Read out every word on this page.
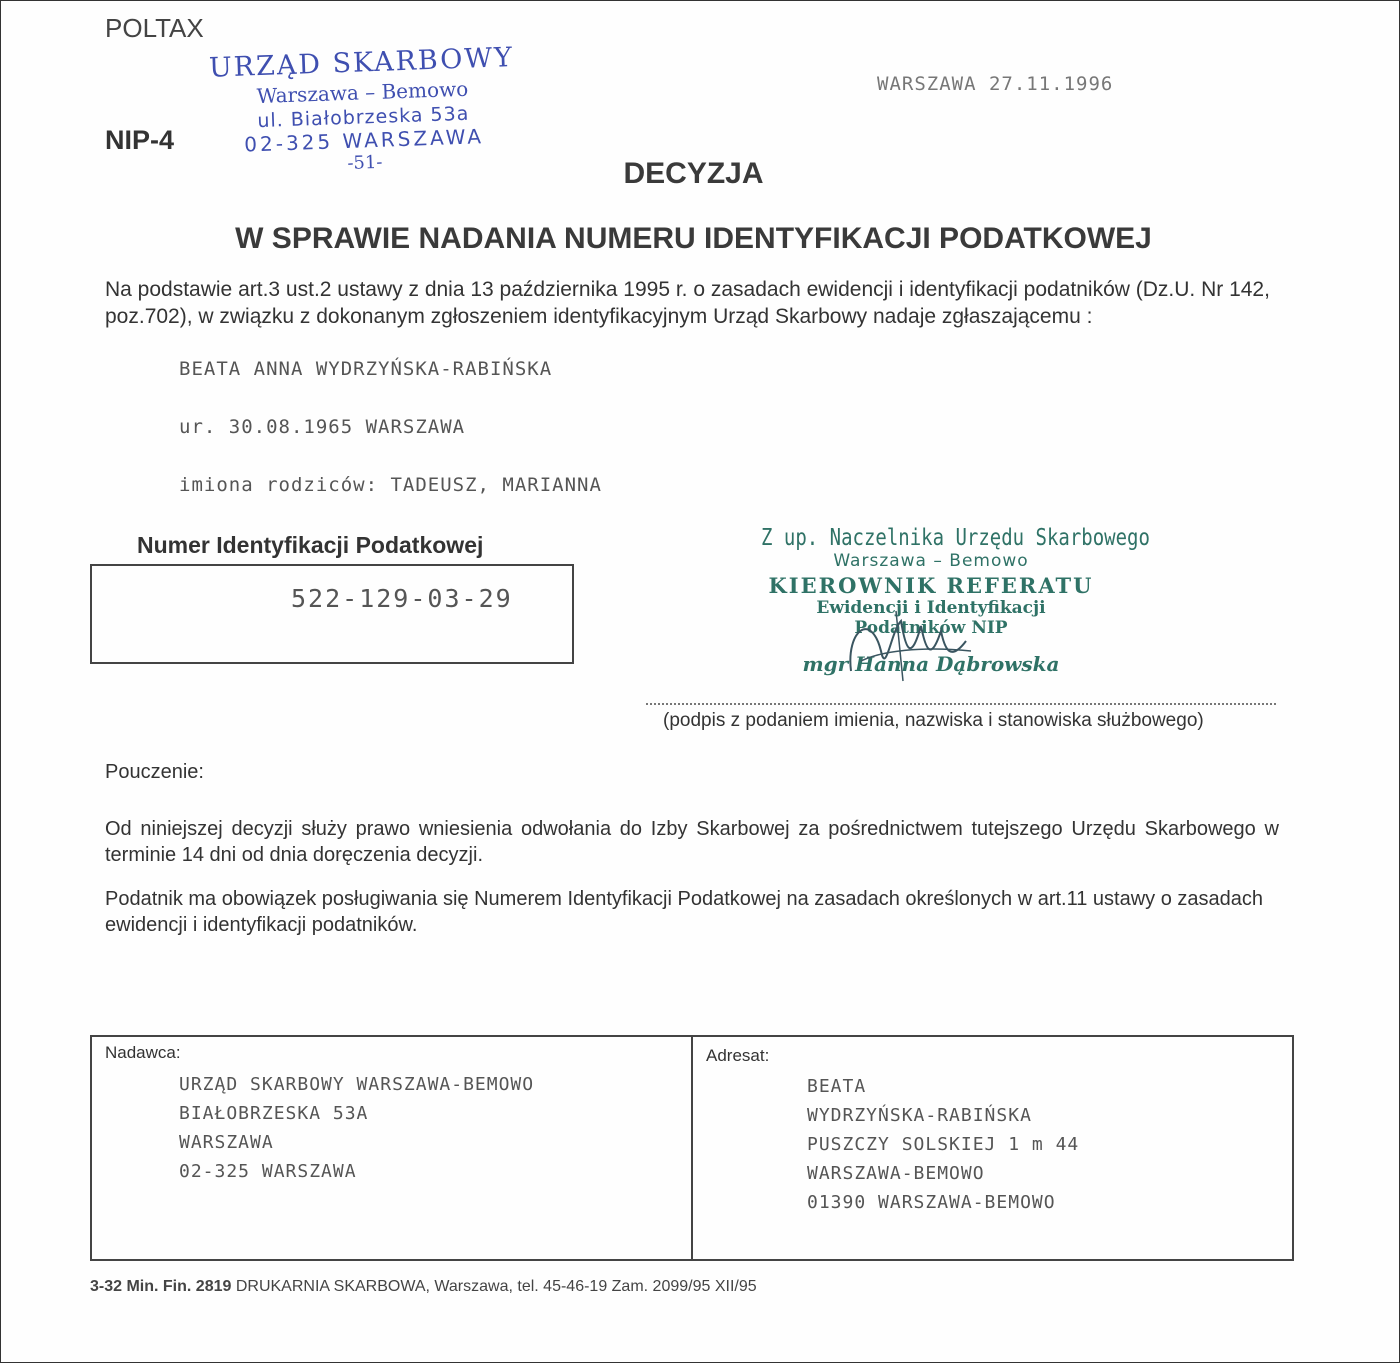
POLTAX
NIP-4
URZĄD SKARBOWY
Warszawa – Bemowo
ul. Białobrzeska 53a
02-325 WARSZAWA
-51-
WARSZAWA 27.11.1996
DECYZJA
W SPRAWIE NADANIA NUMERU IDENTYFIKACJI PODATKOWEJ
Na podstawie art.3 ust.2 ustawy z dnia 13 października 1995 r. o zasadach ewidencji i identyfikacji podatników (Dz.U. Nr 142, poz.702), w związku z dokonanym zgłoszeniem identyfikacyjnym Urząd Skarbowy nadaje zgłaszającemu :
BEATA ANNA WYDRZYŃSKA-RABIŃSKA
ur. 30.08.1965 WARSZAWA
imiona rodziców: TADEUSZ, MARIANNA
Numer Identyfikacji Podatkowej
522-129-03-29
Z up. Naczelnika Urzędu Skarbowego
Warszawa – Bemowo
KIEROWNIK REFERATU
Ewidencji i Identyfikacji
Podatników NIP
mgr Hanna Dąbrowska
(podpis z podaniem imienia, nazwiska i stanowiska służbowego)
Pouczenie:
Od niniejszej decyzji służy prawo wniesienia odwołania do Izby Skarbowej za pośrednictwem tutejszego Urzędu Skarbowego w terminie 14 dni od dnia doręczenia decyzji.
Podatnik ma obowiązek posługiwania się Numerem Identyfikacji Podatkowej na zasadach określonych w art.11 ustawy o zasadach ewidencji i identyfikacji podatników.
Nadawca:
URZĄD SKARBOWY WARSZAWA-BEMOWO
BIAŁOBRZESKA 53A
WARSZAWA
02-325 WARSZAWA
Adresat:
BEATA
WYDRZYŃSKA-RABIŃSKA
PUSZCZY SOLSKIEJ 1 m 44
WARSZAWA-BEMOWO
01390 WARSZAWA-BEMOWO
3-32 Min. Fin. 2819 DRUKARNIA SKARBOWA, Warszawa, tel. 45-46-19 Zam. 2099/95 XII/95
